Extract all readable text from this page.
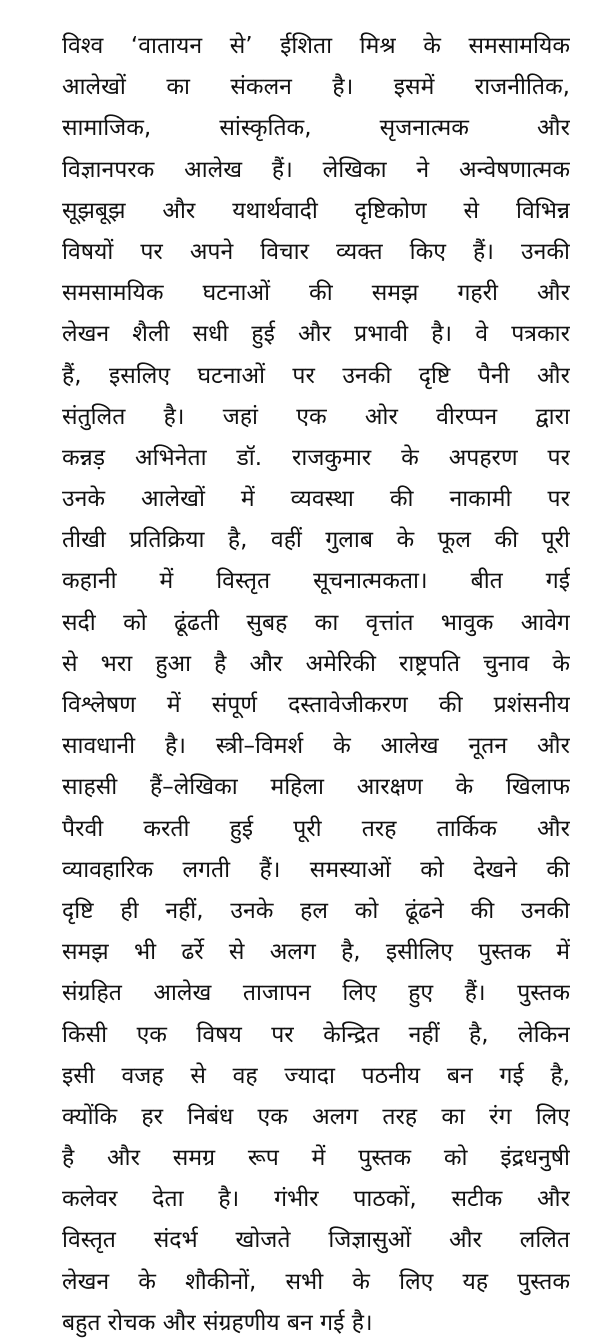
विश्व ‘वातायन से’ ईशिता मिश्र के समसामयिक
आलेखों का संकलन है। इसमें राजनीतिक,
सामाजिक, सांस्कृतिक, सृजनात्मक और
विज्ञानपरक आलेख हैं। लेखिका ने अन्वेषणात्मक
सूझबूझ और यथार्थवादी दृष्टिकोण से विभिन्न
विषयों पर अपने विचार व्यक्त किए हैं। उनकी
समसामयिक घटनाओं की समझ गहरी और
लेखन शैली सधी हुई और प्रभावी है। वे पत्रकार
हैं, इसलिए घटनाओं पर उनकी दृष्टि पैनी और
संतुलित है। जहां एक ओर वीरप्पन द्वारा
कन्नड़ अभिनेता डॉ. राजकुमार के अपहरण पर
उनके आलेखों में व्यवस्था की नाकामी पर
तीखी प्रतिक्रिया है, वहीं गुलाब के फूल की पूरी
कहानी में विस्तृत सूचनात्मकता। बीत गई
सदी को ढूंढती सुबह का वृत्तांत भावुक आवेग
से भरा हुआ है और अमेरिकी राष्ट्रपति चुनाव के
विश्लेषण में संपूर्ण दस्तावेजीकरण की प्रशंसनीय
सावधानी है। स्त्री–विमर्श के आलेख नूतन और
साहसी हैं–लेखिका महिला आरक्षण के खिलाफ
पैरवी करती हुई पूरी तरह तार्किक और
व्यावहारिक लगती हैं। समस्याओं को देखने की
दृष्टि ही नहीं, उनके हल को ढूंढने की उनकी
समझ भी ढर्रे से अलग है, इसीलिए पुस्तक में
संग्रहित आलेख ताजापन लिए हुए हैं। पुस्तक
किसी एक विषय पर केन्द्रित नहीं है, लेकिन
इसी वजह से वह ज्यादा पठनीय बन गई है,
क्योंकि हर निबंध एक अलग तरह का रंग लिए
है और समग्र रूप में पुस्तक को इंद्रधनुषी
कलेवर देता है। गंभीर पाठकों, सटीक और
विस्तृत संदर्भ खोजते जिज्ञासुओं और ललित
लेखन के शौकीनों, सभी के लिए यह पुस्तक
बहुत रोचक और संग्रहणीय बन गई है।
